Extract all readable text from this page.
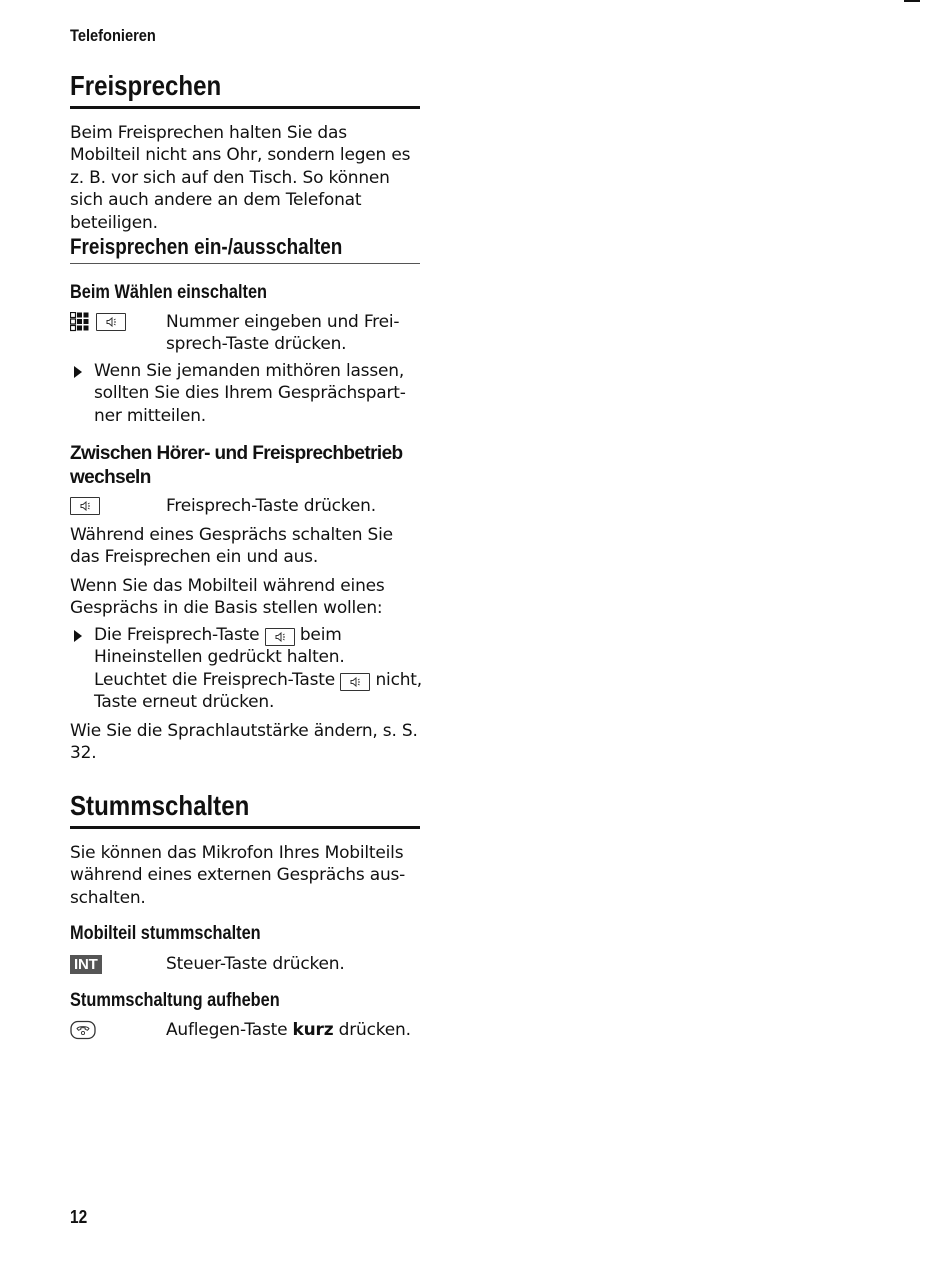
Telefonieren
Freisprechen
Beim Freisprechen halten Sie das Mobilteil nicht ans Ohr, sondern legen es z. B. vor sich auf den Tisch. So können sich auch andere an dem Telefonat beteiligen.
Freisprechen ein-/ausschalten
Beim Wählen einschalten
Nummer eingeben und Frei-sprech-Taste drücken.
Wenn Sie jemanden mithören lassen, sollten Sie dies Ihrem Gesprächspart-ner mitteilen.
Zwischen Hörer- und Freisprechbetrieb wechseln
Freisprech-Taste drücken.
Während eines Gesprächs schalten Sie das Freisprechen ein und aus.
Wenn Sie das Mobilteil während eines Gesprächs in die Basis stellen wollen:
Die Freisprech-Taste beim Hineinstellen gedrückt halten. Leuchtet die Freisprech-Taste nicht, Taste erneut drücken.
Wie Sie die Sprachlautstärke ändern, s. S. 32.
Stummschalten
Sie können das Mikrofon Ihres Mobilteils während eines externen Gesprächs aus-schalten.
Mobilteil stummschalten
INT	Steuer-Taste drücken.
Stummschaltung aufheben
Auflegen-Taste kurz drücken.
12
